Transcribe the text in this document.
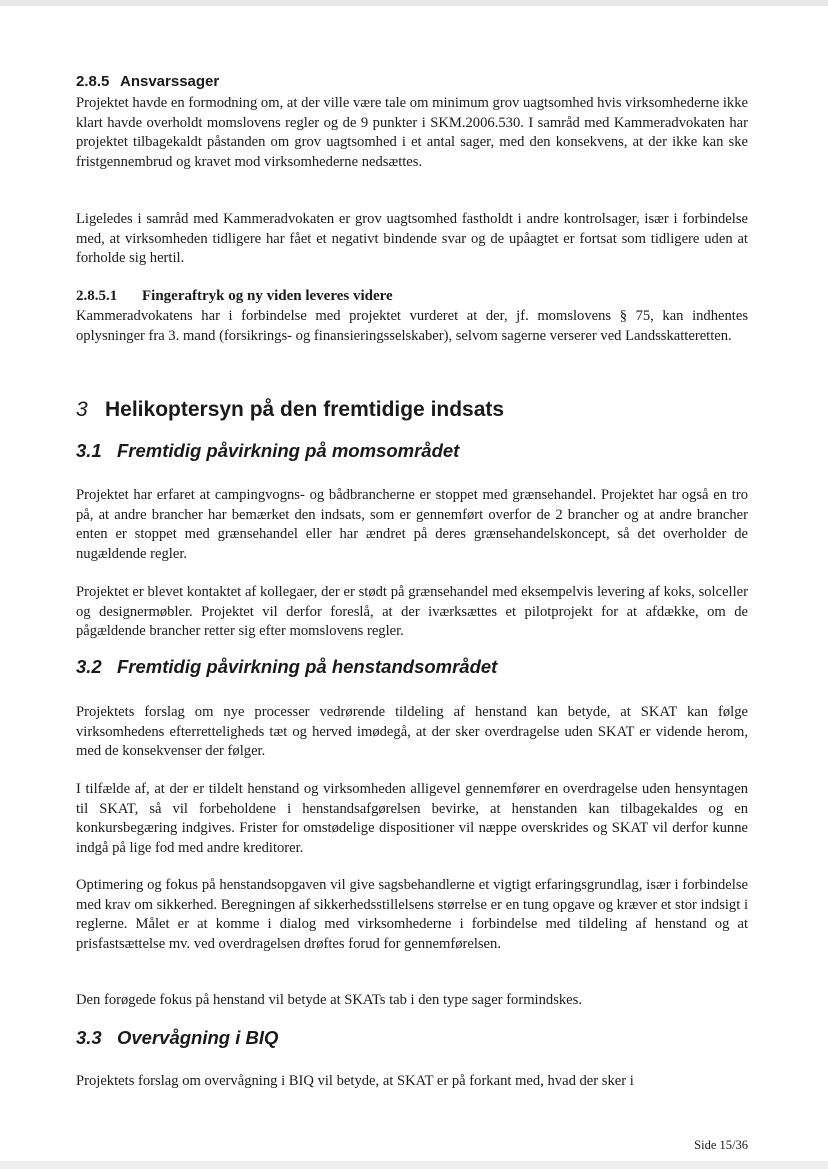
2.8.5 Ansvarssager

Projektet havde en formodning om, at der ville være tale om minimum grov uagtsomhed hvis virksomhederne ikke klart havde overholdt momslovens regler og de 9 punkter i SKM.2006.530. I samråd med Kammeradvokaten har projektet tilbagekaldt påstanden om grov uagtsomhed i et antal sager, med den konsekvens, at der ikke kan ske fristgennembrud og kravet mod virksomhederne nedsættes.

Ligeledes i samråd med Kammeradvokaten er grov uagtsomhed fastholdt i andre kontrolsager, især i forbindelse med, at virksomheden tidligere har fået et negativt bindende svar og de upåagtet er fortsat som tidligere uden at forholde sig hertil.

2.8.5.1 Fingeraftryk og ny viden leveres videre

Kammeradvokatens har i forbindelse med projektet vurderet at der, jf. momslovens § 75, kan indhentes oplysninger fra 3. mand (forsikrings- og finansieringsselskaber), selvom sagerne verserer ved Landsskatteretten.

3 Helikoptersyn på den fremtidige indsats
3.1 Fremtidig påvirkning på momsområdet

Projektet har erfaret at campingvogns- og bådbrancherne er stoppet med grænsehandel. Projektet har også en tro på, at andre brancher har bemærket den indsats, som er gennemført overfor de 2 brancher og at andre brancher enten er stoppet med grænsehandel eller har ændret på deres grænsehandelskoncept, så det overholder de nugældende regler.

Projektet er blevet kontaktet af kollegaer, der er stødt på grænsehandel med eksempelvis levering af koks, solceller og designermøbler. Projektet vil derfor foreslå, at der iværksættes et pilotprojekt for at afdække, om de pågældende brancher retter sig efter momslovens regler.

3.2 Fremtidig påvirkning på henstandsområdet

Projektets forslag om nye processer vedrørende tildeling af henstand kan betyde, at SKAT kan følge virksomhedens efterretteligheds tæt og herved imødegå, at der sker overdragelse uden SKAT er vidende herom, med de konsekvenser der følger.

I tilfælde af, at der er tildelt henstand og virksomheden alligevel gennemfører en overdragelse uden hensyntagen til SKAT, så vil forbeholdene i henstandsafgørelsen bevirke, at henstanden kan tilbagekaldes og en konkursbegæring indgives. Frister for omstødelige dispositioner vil næppe overskrides og SKAT vil derfor kunne indgå på lige fod med andre kreditorer.

Optimering og fokus på henstandsopgaven vil give sagsbehandlerne et vigtigt erfaringsgrundlag, især i forbindelse med krav om sikkerhed. Beregningen af sikkerhedsstillelsens størrelse er en tung opgave og kræver et stor indsigt i reglerne. Målet er at komme i dialog med virksomhederne i forbindelse med tildeling af henstand og at prisfastsættelse mv. ved overdragelsen drøftes forud for gennemførelsen.

Den forøgede fokus på henstand vil betyde at SKATs tab i den type sager formindskes.

3.3 Overvågning i BIQ

Projektets forslag om overvågning i BIQ vil betyde, at SKAT er på forkant med, hvad der sker i

Side 15/36
